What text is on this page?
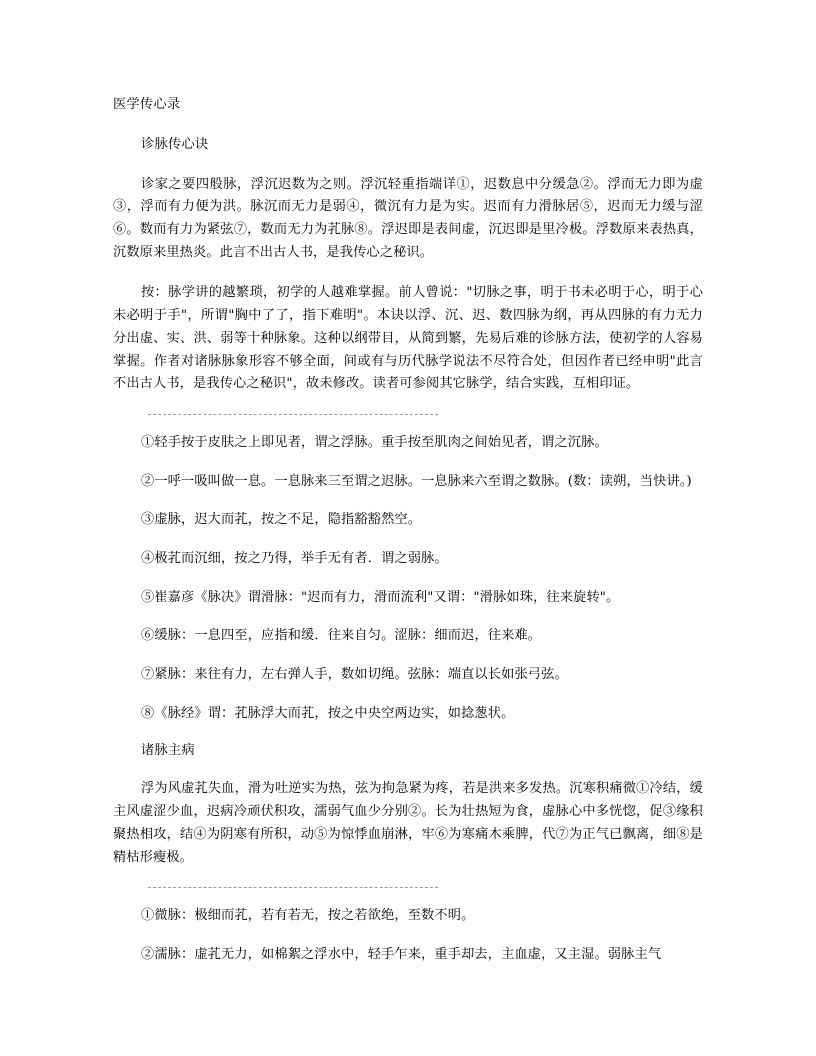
医学传心录
诊脉传心诀

诊家之要四般脉，浮沉迟数为之则。浮沉轻重指端详①，迟数息中分缓急②。浮而无力即为虚③，浮而有力便为洪。脉沉而无力是弱④，微沉有力是为实。迟而有力滑脉居⑤，迟而无力缓与涩⑥。数而有力为紧弦⑦，数而无力为芤脉⑧。浮迟即是表间虚，沉迟即是里冷极。浮数原来表热真，沉数原来里热炎。此言不出古人书，是我传心之秘识。

按：脉学讲的越繁琐，初学的人越难掌握。前人曾说："切脉之事，明于书未必明于心，明于心未必明于手"，所谓"胸中了了，指下难明"。本诀以浮、沉、迟、数四脉为纲，再从四脉的有力无力分出虚、实、洪、弱等十种脉象。这种以纲带目，从简到繁，先易后难的诊脉方法，使初学的人容易掌握。作者对诸脉脉象形容不够全面，间或有与历代脉学说法不尽符合处，但因作者已经申明"此言不出古人书，是我传心之秘识"，故未修改。读者可参阅其它脉学，结合实践，互相印证。

①轻手按于皮肤之上即见者，谓之浮脉。重手按至肌肉之间始见者，谓之沉脉。

②一呼一吸叫做一息。一息脉来三至谓之迟脉。一息脉来六至谓之数脉。(数：读朔，当快讲。)

③虚脉，迟大而芤，按之不足，隐指豁豁然空。

④极芤而沉细，按之乃得，举手无有者．谓之弱脉。

⑤崔嘉彦《脉决》谓滑脉："迟而有力，滑而流利"又谓："滑脉如珠，往来旋转"。

⑥缓脉：一息四至，应指和缓．往来自匀。涩脉：细而迟，往来难。

⑦紧脉：来往有力，左右弹人手，数如切绳。弦脉：端直以长如张弓弦。

⑧《脉经》谓：芤脉浮大而芤，按之中央空两边实，如捻葱状。

诸脉主病

浮为风虚芤失血，滑为吐逆实为热，弦为拘急紧为疼，若是洪来多发热。沉寒积痛微①冷结，缓主风虚涩少血，迟病冷顽伏积攻，濡弱气血少分别②。长为壮热短为食，虚脉心中多恍惚，促③缘积聚热相攻，结④为阴寒有所积，动⑤为惊悸血崩淋，牢⑥为寒痛木乘脾，代⑦为正气已飘离，细⑧是精枯形瘦极。

①微脉：极细而芤，若有若无，按之若欲绝，至数不明。

②濡脉：虚芤无力，如棉絮之浮水中，轻手乍来，重手却去，主血虚，又主湿。弱脉主气
